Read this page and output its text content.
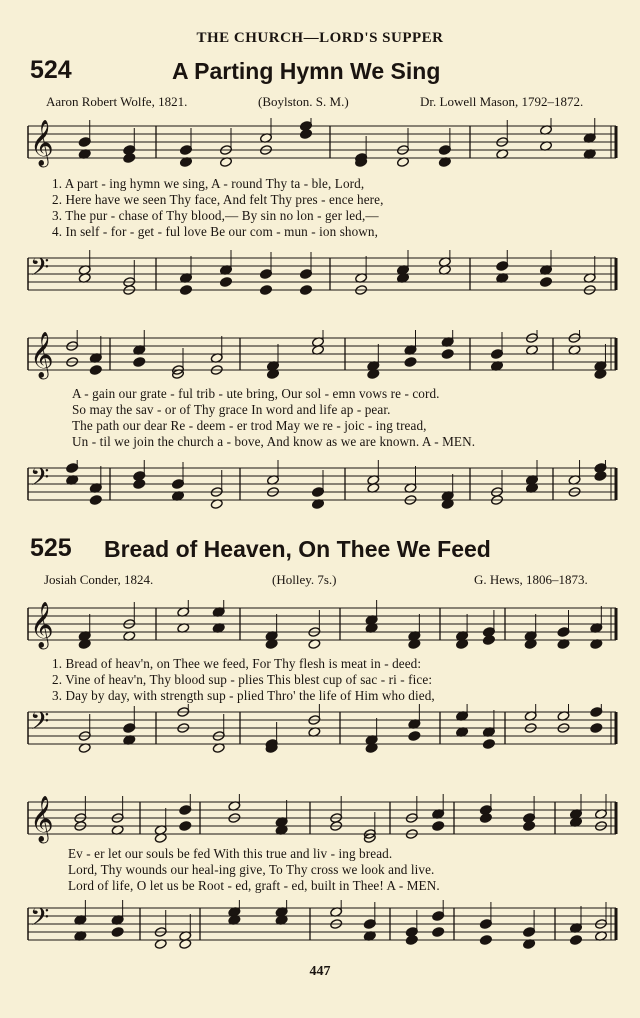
THE CHURCH—LORD'S SUPPER
524	A Parting Hymn We Sing
Aaron Robert Wolfe, 1821.	(Boylston. S. M.)	Dr. Lowell Mason, 1792–1872.
𝄞
𝄢
𝄞
𝄢
1. A part - ing hymn we sing, A - round Thy ta - ble, Lord,
2. Here have we seen Thy face, And felt Thy pres - ence here,
3. The pur - chase of Thy blood,— By sin no lon - ger led,—
4. In self - for - get - ful love Be our com - mun - ion shown,
A - gain our grate - ful trib - ute bring, Our sol - emn vows re - cord.
So may the sav - or of Thy grace In word and life ap - pear.
The path our dear Re - deem - er trod May we re - joic - ing tread,
Un - til we join the church a - bove, And know as we are known. A - MEN.
525 Bread of Heaven, On Thee We Feed
Josiah Conder, 1824.	(Holley. 7s.)	G. Hews, 1806–1873.
𝄞
𝄢
𝄞
𝄢
1. Bread of heav'n, on Thee we feed, For Thy flesh is meat in - deed:
2. Vine of heav'n, Thy blood sup - plies This blest cup of sac - ri - fice:
3. Day by day, with strength sup - plied Thro' the life of Him who died,
Ev - er let our souls be fed With this true and liv - ing bread.
Lord, Thy wounds our heal-ing give, To Thy cross we look and live.
Lord of life, O let us be Root - ed, graft - ed, built in Thee! A - MEN.
447
